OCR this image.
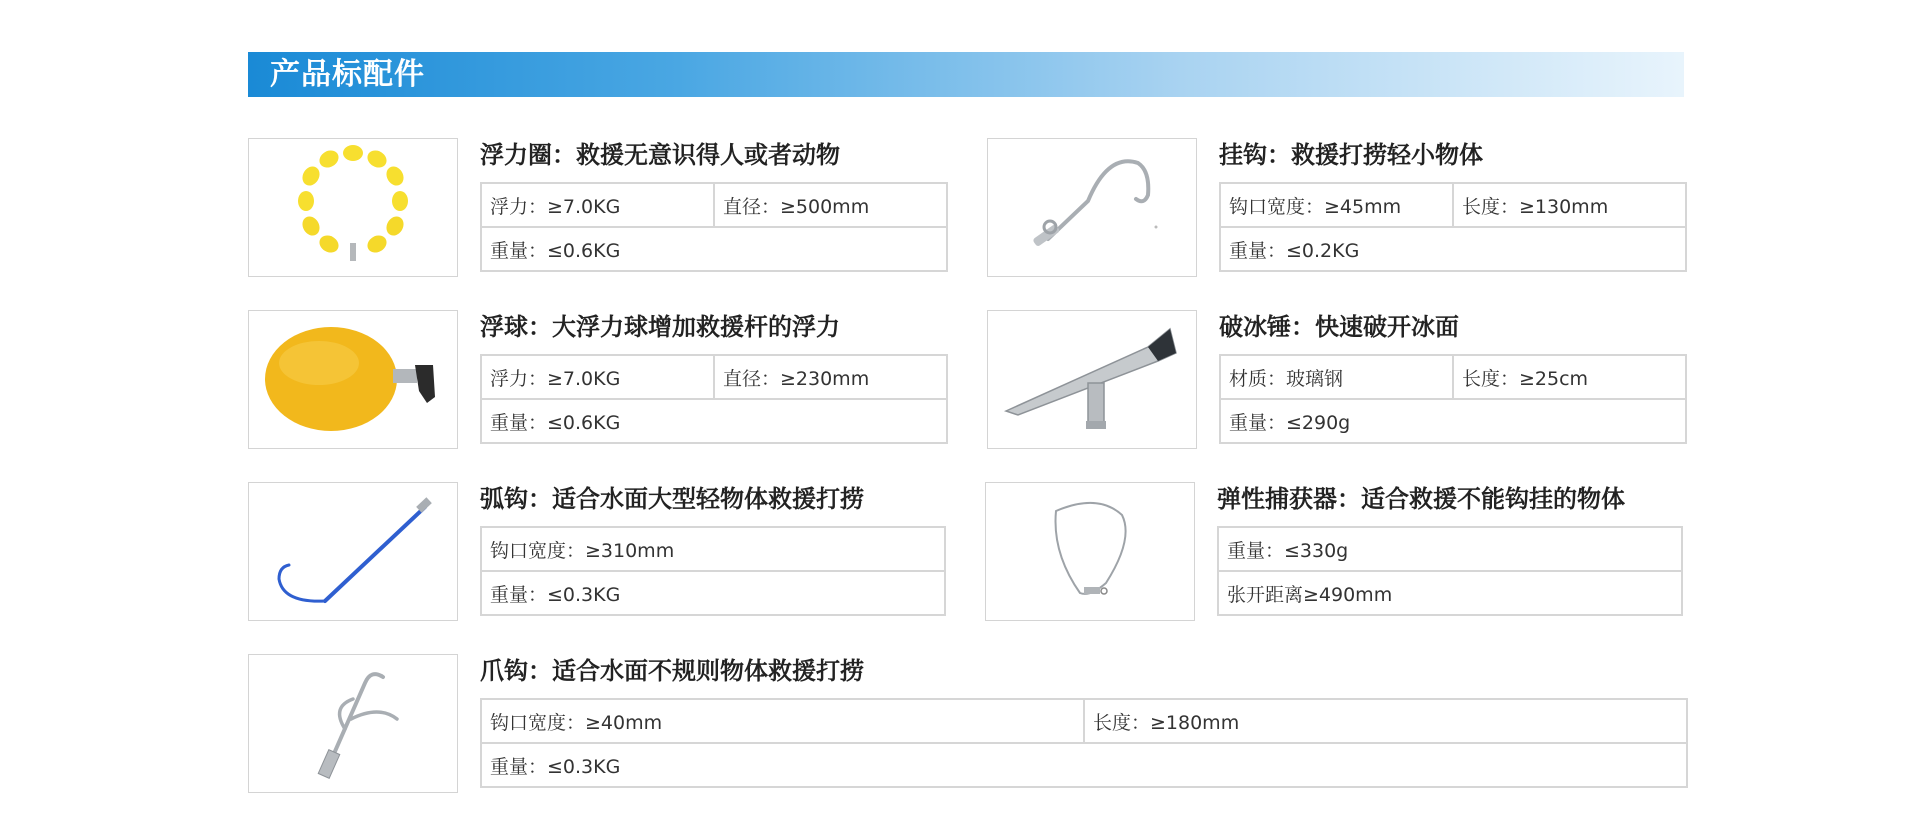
产品标配件
浮力圈：救援无意识得人或者动物
浮力：≥7.0KG	直径：≥500mm
重量：≤0.6KG
挂钩：救援打捞轻小物体
钩口宽度：≥45mm	长度：≥130mm
重量：≤0.2KG
浮球：大浮力球增加救援杆的浮力
浮力：≥7.0KG	直径：≥230mm
重量：≤0.6KG
破冰锤：快速破开冰面
材质：玻璃钢	长度：≥25cm
重量：≤290g
弧钩：适合水面大型轻物体救援打捞
钩口宽度：≥310mm
重量：≤0.3KG
弹性捕获器：适合救援不能钩挂的物体
重量：≤330g
张开距离≥490mm
爪钩：适合水面不规则物体救援打捞
钩口宽度：≥40mm	长度：≥180mm
重量：≤0.3KG
